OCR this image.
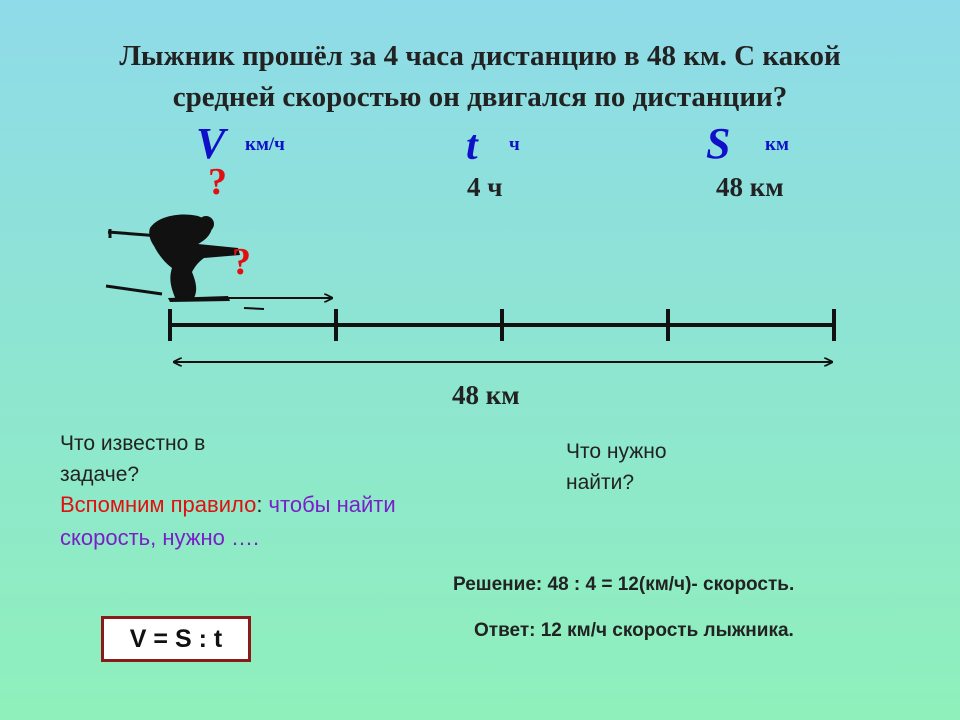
Лыжник прошёл за 4 часа дистанцию в 48 км. С какой
средней скоростью он двигался по дистанции?
V км/ч
?
t ч
4 ч
S км
48 км
?
48 км
Что известно в
задаче?
Что нужно
найти?
Вспомним правило: чтобы найти
скорость, нужно ….
Решение: 48 : 4 = 12(км/ч)- скорость.
Ответ: 12 км/ч скорость лыжника.
V = S : t
